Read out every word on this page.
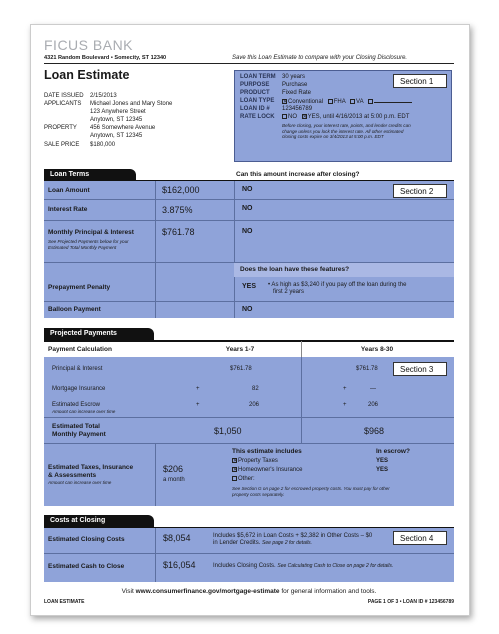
FICUS BANK
4321 Random Boulevard • Somecity, ST 12340	Save this Loan Estimate to compare with your Closing Disclosure.
Loan Estimate
DATE ISSUED 2/15/2013
APPLICANTS Michael Jones and Mary Stone
123 Anywhere Street
Anytown, ST 12345
PROPERTY 456 Somewhere Avenue
Anytown, ST 12345
SALE PRICE $180,000
LOAN TERM 30 years
PURPOSE Purchase
PRODUCT Fixed Rate
LOAN TYPE ✕Conventional FHA VA
LOAN ID # 123456789
RATE LOCK	NO ✕YES, until 4/16/2013 at 5:00 p.m. EDT
Before closing, your interest rate, points, and lender credits can
change unless you lock the interest rate. All other estimated
closing costs expire on 3/4/2013 at 5:00 p.m. EDT
Section 1
Loan Terms	Can this amount increase after closing?
Loan Amount	$162,000	NO	Section 2
Interest Rate	3.875%	NO
Monthly Principal & Interest
See Projected Payments below for your
Estimated Total Monthly Payment
$761.78	NO
Does the loan have these features?
Prepayment Penalty	YES • As high as $3,240 if you pay off the loan during the
first 2 years
Balloon Payment	NO
Projected Payments
Payment Calculation	Years 1-7	Years 8-30
Principal & Interest	$761.78	$761.78	Section 3
Mortgage Insurance	+	82	+	—
Estimated Escrow
Amount can increase over time
+	206	+	206
Estimated Total
Monthly Payment	$1,050	$968
Estimated Taxes, Insurance
& Assessments
Amount can increase over time
$206
a month
This estimate includes	In escrow?
✕Property Taxes	YES
✕Homeowner's Insurance	YES
Other:
See Section G on page 2 for escrowed property costs. You must pay for other
property costs separately.
Costs at Closing
Estimated Closing Costs	$8,054	Includes $5,672 in Loan Costs + $2,382 in Other Costs – $0
in Lender Credits. See page 2 for details.	Section 4
Estimated Cash to Close	$16,054	Includes Closing Costs. See Calculating Cash to Close on page 2 for details.
Visit www.consumerfinance.gov/mortgage-estimate for general information and tools.
LOAN ESTIMATE	PAGE 1 OF 3 • LOAN ID # 123456789
